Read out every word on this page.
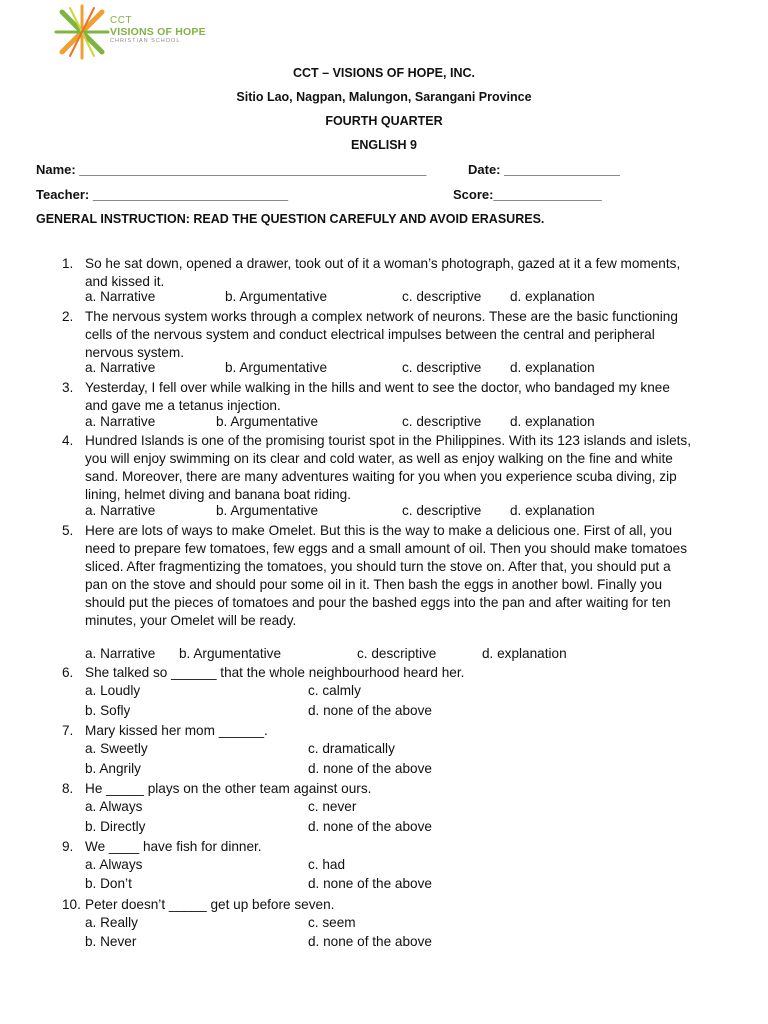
CCT
VISIONS OF HOPE
CHRISTIAN SCHOOL
CCT – VISIONS OF HOPE, INC.
Sitio Lao, Nagpan, Malungon, Sarangani Province
FOURTH QUARTER
ENGLISH 9
Name: ________________________________________________	Date: ________________
Teacher: ___________________________	Score:_______________
GENERAL INSTRUCTION: READ THE QUESTION CAREFULY AND AVOID ERASURES.
1. So he sat down, opened a drawer, took out of it a woman’s photograph, gazed at it a few moments, and kissed it.
a. Narrative	b. Argumentative	c. descriptive d. explanation
2. The nervous system works through a complex network of neurons. These are the basic functioning cells of the nervous system and conduct electrical impulses between the central and peripheral nervous system.
a. Narrative	b. Argumentative	c. descriptive d. explanation
3. Yesterday, I fell over while walking in the hills and went to see the doctor, who bandaged my knee and gave me a tetanus injection.
a. Narrative	b. Argumentative	c. descriptive d. explanation
4. Hundred Islands is one of the promising tourist spot in the Philippines. With its 123 islands and islets, you will enjoy swimming on its clear and cold water, as well as enjoy walking on the fine and white sand. Moreover, there are many adventures waiting for you when you experience scuba diving, zip lining, helmet diving and banana boat riding.
a. Narrative	b. Argumentative	c. descriptive d. explanation
5. Here are lots of ways to make Omelet. But this is the way to make a delicious one. First of all, you need to prepare few tomatoes, few eggs and a small amount of oil. Then you should make tomatoes sliced. After fragmentizing the tomatoes, you should turn the stove on. After that, you should put a pan on the stove and should pour some oil in it. Then bash the eggs in another bowl. Finally you should put the pieces of tomatoes and pour the bashed eggs into the pan and after waiting for ten minutes, your Omelet will be ready.
a. Narrative b. Argumentative	c. descriptive	d. explanation
6. She talked so ______ that the whole neighbourhood heard her.
a. Loudly	c. calmly
b. Sofly	d. none of the above
7. Mary kissed her mom ______.
a. Sweetly	c. dramatically
b. Angrily	d. none of the above
8. He _____ plays on the other team against ours.
a. Always	c. never
b. Directly	d. none of the above
9. We ____ have fish for dinner.
a. Always	c. had
b. Don’t	d. none of the above
10. Peter doesn’t _____ get up before seven.
a. Really	c. seem
b. Never	d. none of the above
